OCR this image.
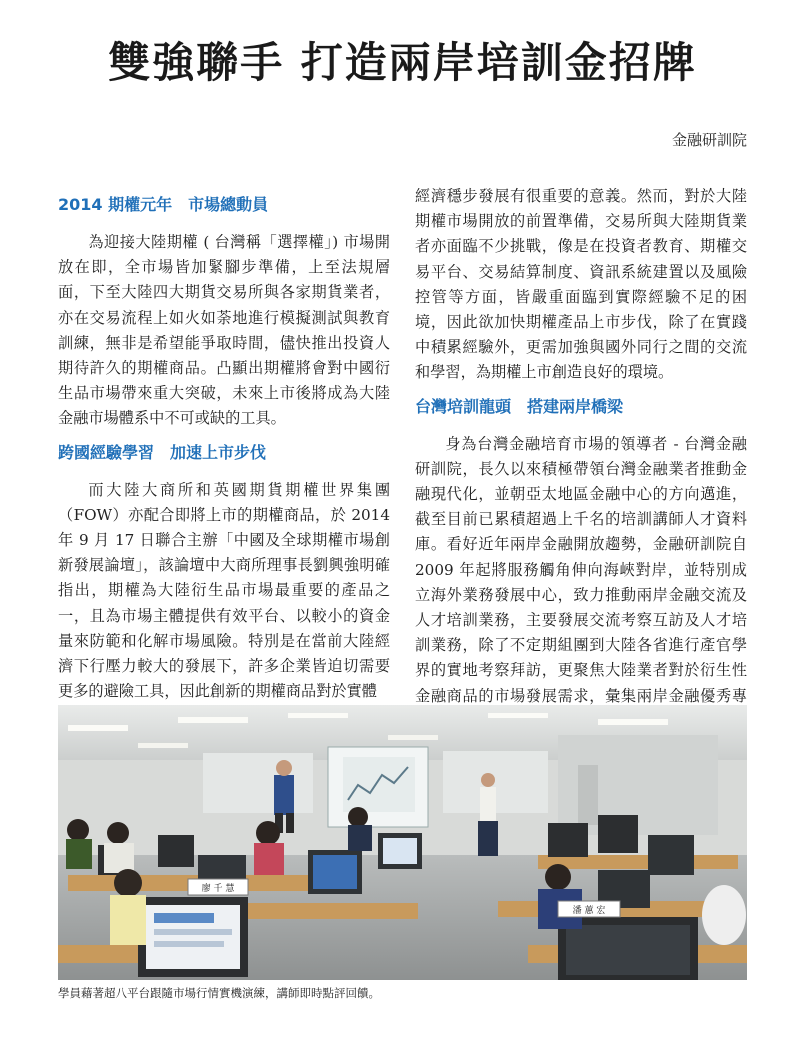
雙強聯手 打造兩岸培訓金招牌
金融研訓院
2014 期權元年　市場總動員

為迎接大陸期權 ( 台灣稱「選擇權」) 市場開放在即，全市場皆加緊腳步準備，上至法規層面，下至大陸四大期貨交易所與各家期貨業者，亦在交易流程上如火如荼地進行模擬測試與教育訓練，無非是希望能爭取時間，儘快推出投資人期待許久的期權商品。凸顯出期權將會對中國衍生品市場帶來重大突破，未來上市後將成為大陸金融市場體系中不可或缺的工具。

跨國經驗學習　加速上市步伐

而大陸大商所和英國期貨期權世界集團（FOW）亦配合即將上市的期權商品，於 2014 年 9 月 17 日聯合主辦「中國及全球期權市場創新發展論壇」，該論壇中大商所理事長劉興強明確指出，期權為大陸衍生品市場最重要的產品之一，且為市場主體提供有效平台、以較小的資金量來防範和化解市場風險。特別是在當前大陸經濟下行壓力較大的發展下，許多企業皆迫切需要更多的避險工具，因此創新的期權商品對於實體

經濟穩步發展有很重要的意義。然而，對於大陸期權市場開放的前置準備，交易所與大陸期貨業者亦面臨不少挑戰，像是在投資者教育、期權交易平台、交易結算制度、資訊系統建置以及風險控管等方面，皆嚴重面臨到實際經驗不足的困境，因此欲加快期權產品上市步伐，除了在實踐中積累經驗外，更需加強與國外同行之間的交流和學習，為期權上市創造良好的環境。

台灣培訓龍頭　搭建兩岸橋梁

身為台灣金融培育市場的領導者 - 台灣金融研訓院，長久以來積極帶領台灣金融業者推動金融現代化，並朝亞太地區金融中心的方向邁進，截至目前已累積超過上千名的培訓講師人才資料庫。看好近年兩岸金融開放趨勢，金融研訓院自 2009 年起將服務觸角伸向海峽對岸，並特別成立海外業務發展中心，致力推動兩岸金融交流及人才培訓業務，主要發展交流考察互訪及人才培訓業務，除了不定期組團到大陸各省進行產官學界的實地考察拜訪，更聚焦大陸業者對於衍生性金融商品的市場發展需求，彙集兩岸金融優秀專

廖 千 慧
潘 蕙 宏
學員藉著超八平台跟隨市場行情實機演練，講師即時點評回饋。
